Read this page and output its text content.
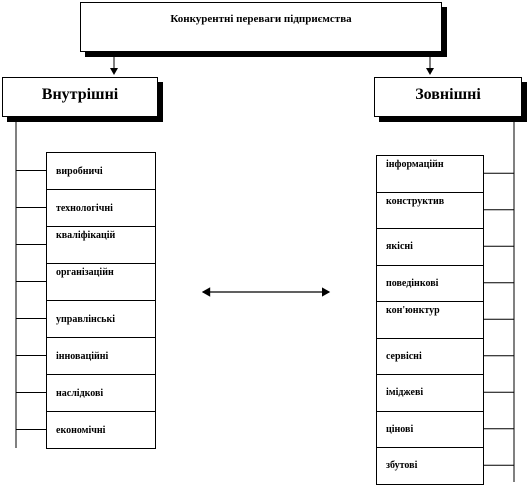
Конкурентні переваги підприємства
Внутрішні	Зовнішні
виробничі
технологічні
кваліфікацій
організаційн
управлінські
інноваційні
наслідкові
економічні
інформаційн
конструктив
якісні
поведінкові
кон'юнктур
сервісні
іміджеві
цінові
збутові
